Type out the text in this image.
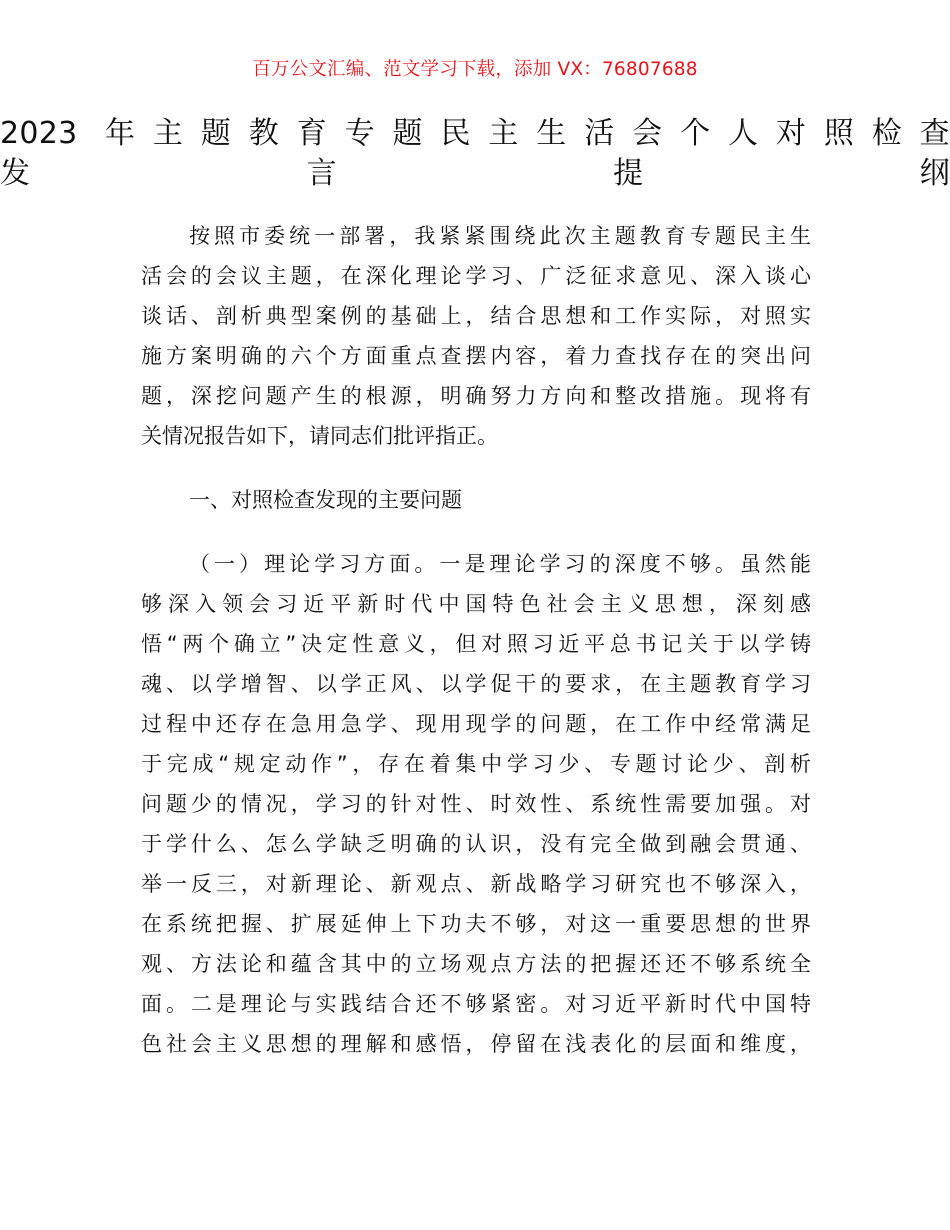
百万公文汇编、范文学习下载，添加 VX：76807688
2023 年主题教育专题民主生活会个人对照检查
发言提纲
按照市委统一部署，我紧紧围绕此次主题教育专题民主生
活会的会议主题，在深化理论学习、广泛征求意见、深入谈心
谈话、剖析典型案例的基础上，结合思想和工作实际，对照实
施方案明确的六个方面重点查摆内容，着力查找存在的突出问
题，深挖问题产生的根源，明确努力方向和整改措施。现将有
关情况报告如下，请同志们批评指正。
一、对照检查发现的主要问题
（一）理论学习方面。一是理论学习的深度不够。虽然能
够深入领会习近平新时代中国特色社会主义思想，深刻感
悟“两个确立”决定性意义，但对照习近平总书记关于以学铸
魂、以学增智、以学正风、以学促干的要求，在主题教育学习
过程中还存在急用急学、现用现学的问题，在工作中经常满足
于完成“规定动作”，存在着集中学习少、专题讨论少、剖析
问题少的情况，学习的针对性、时效性、系统性需要加强。对
于学什么、怎么学缺乏明确的认识，没有完全做到融会贯通、
举一反三，对新理论、新观点、新战略学习研究也不够深入，
在系统把握、扩展延伸上下功夫不够，对这一重要思想的世界
观、方法论和蕴含其中的立场观点方法的把握还还不够系统全
面。二是理论与实践结合还不够紧密。对习近平新时代中国特
色社会主义思想的理解和感悟，停留在浅表化的层面和维度，
